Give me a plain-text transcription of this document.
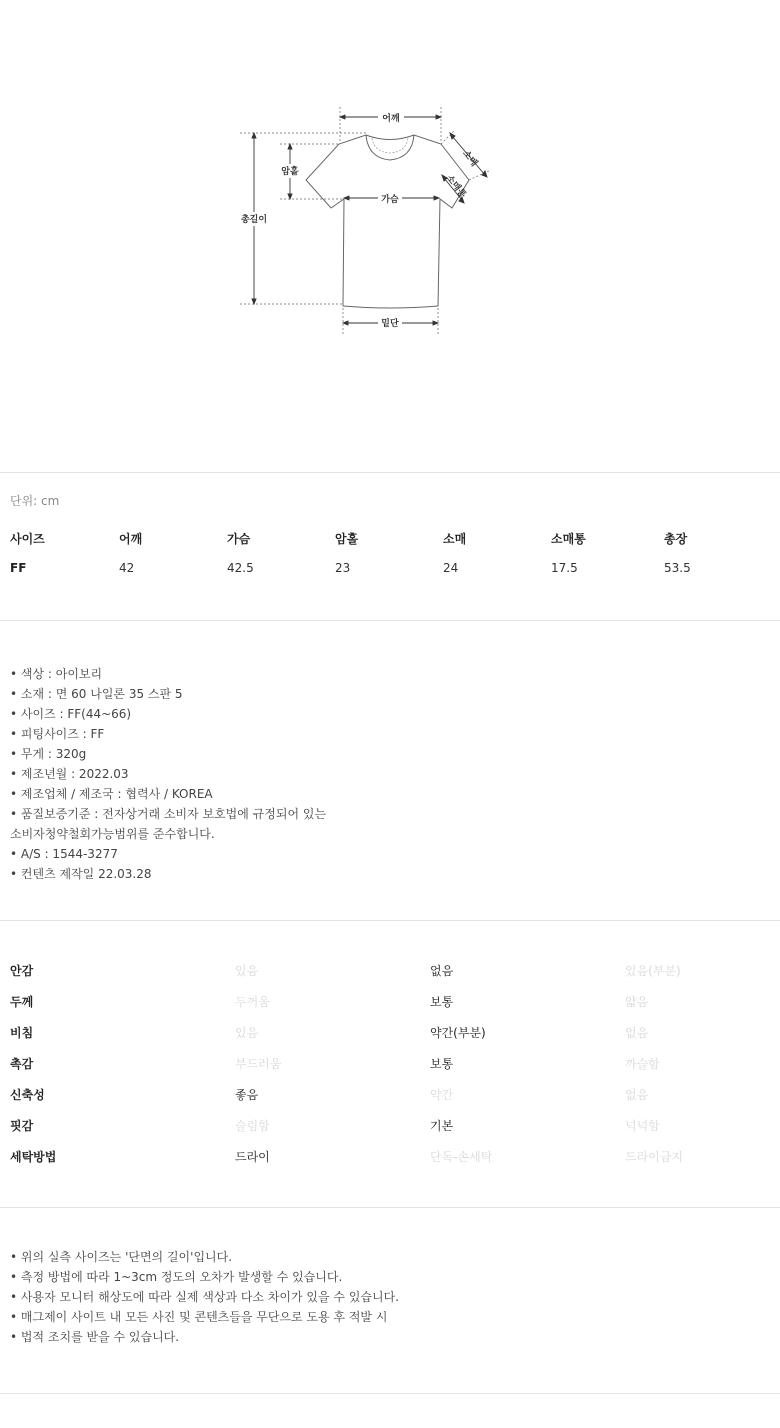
어깨
총길이
암홀
가슴
밑단
소매
소매통
단위: cm
사이즈	어깨	가슴	암홀	소매	소매통	총장
FF	42	42.5	23	24	17.5	53.5
• 색상 : 아이보리
• 소재 : 면 60 나일론 35 스판 5
• 사이즈 : FF(44~66)
• 피팅사이즈 : FF
• 무게 : 320g
• 제조년월 : 2022.03
• 제조업체 / 제조국 : 협력사 / KOREA
• 품질보증기준 : 전자상거래 소비자 보호법에 규정되어 있는
소비자청약철회가능범위를 준수합니다.
• A/S : 1544-3277
• 컨텐츠 제작일 22.03.28
안감	있음	없음	있음(부분)
두께	두꺼움	보통	얇음
비침	있음	약간(부분)	없음
촉감	부드러움	보통	까슬함
신축성	좋음	약간	없음
핏감	슬림함	기본	넉넉함
세탁방법	드라이	단독-손세탁	드라이금지
• 위의 실측 사이즈는 '단면의 길이'입니다.
• 측정 방법에 따라 1~3cm 정도의 오차가 발생할 수 있습니다.
• 사용자 모니터 해상도에 따라 실제 색상과 다소 차이가 있을 수 있습니다.
• 매그제이 사이트 내 모든 사진 및 콘텐츠들을 무단으로 도용 후 적발 시
• 법적 조치를 받을 수 있습니다.
